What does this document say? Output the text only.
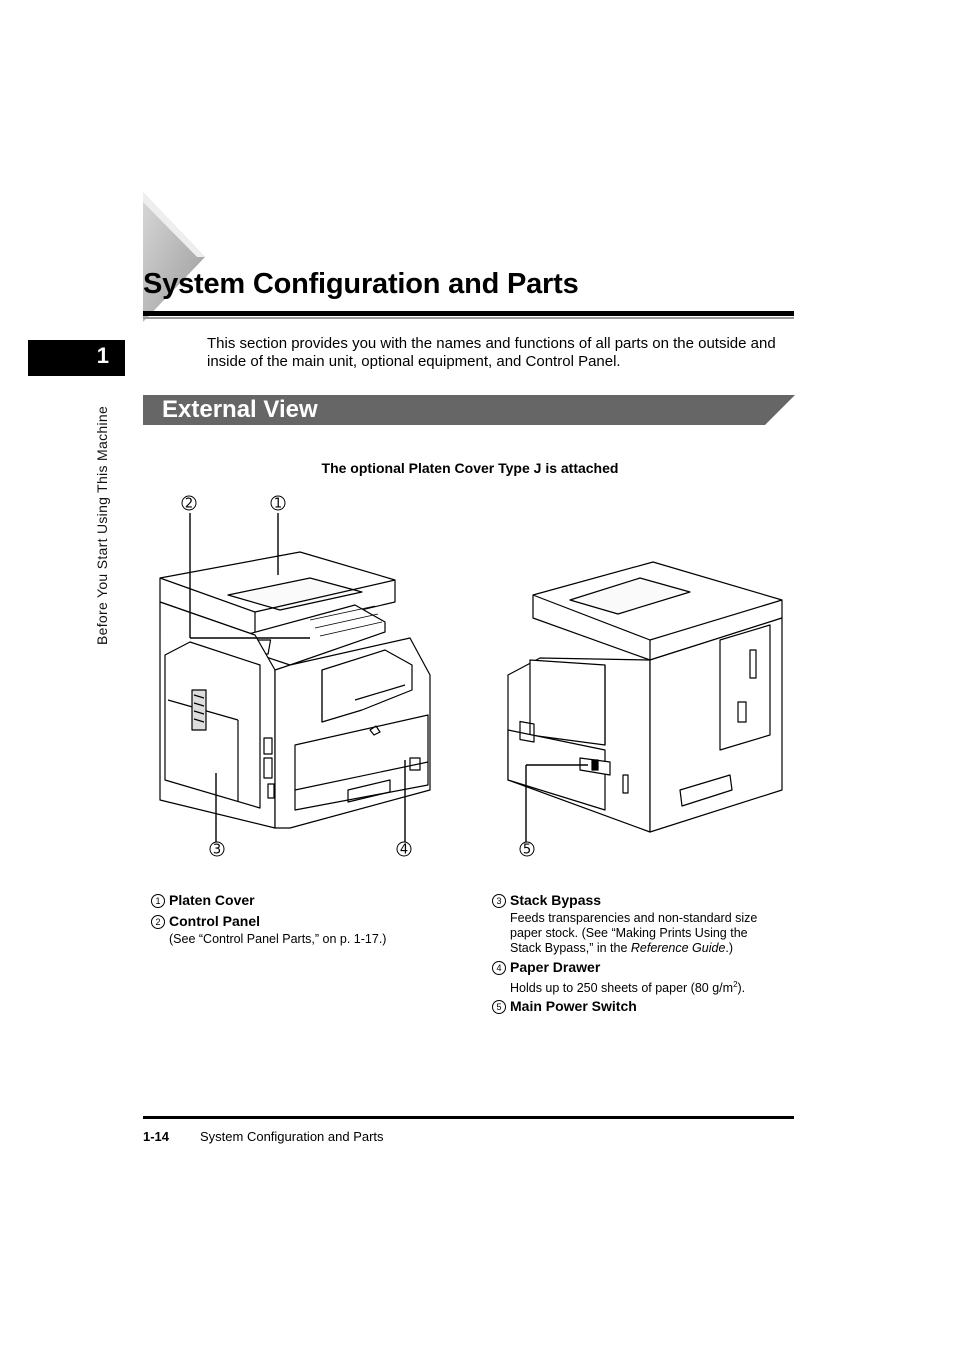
1
Before You Start Using This Machine
System Configuration and Parts
This section provides you with the names and functions of all parts on the outside and inside of the main unit, optional equipment, and Control Panel.
External View
The optional Platen Cover Type J is attached
1
2
3	4	5
1 Platen Cover
2 Control Panel
(See “Control Panel Parts,” on p. 1-17.)
3 Stack Bypass
Feeds transparencies and non-standard size paper stock. (See “Making Prints Using the Stack Bypass,” in the Reference Guide.)
4 Paper Drawer
Holds up to 250 sheets of paper (80 $g/m^2$).
5 Main Power Switch
1-14 System Configuration and Parts
